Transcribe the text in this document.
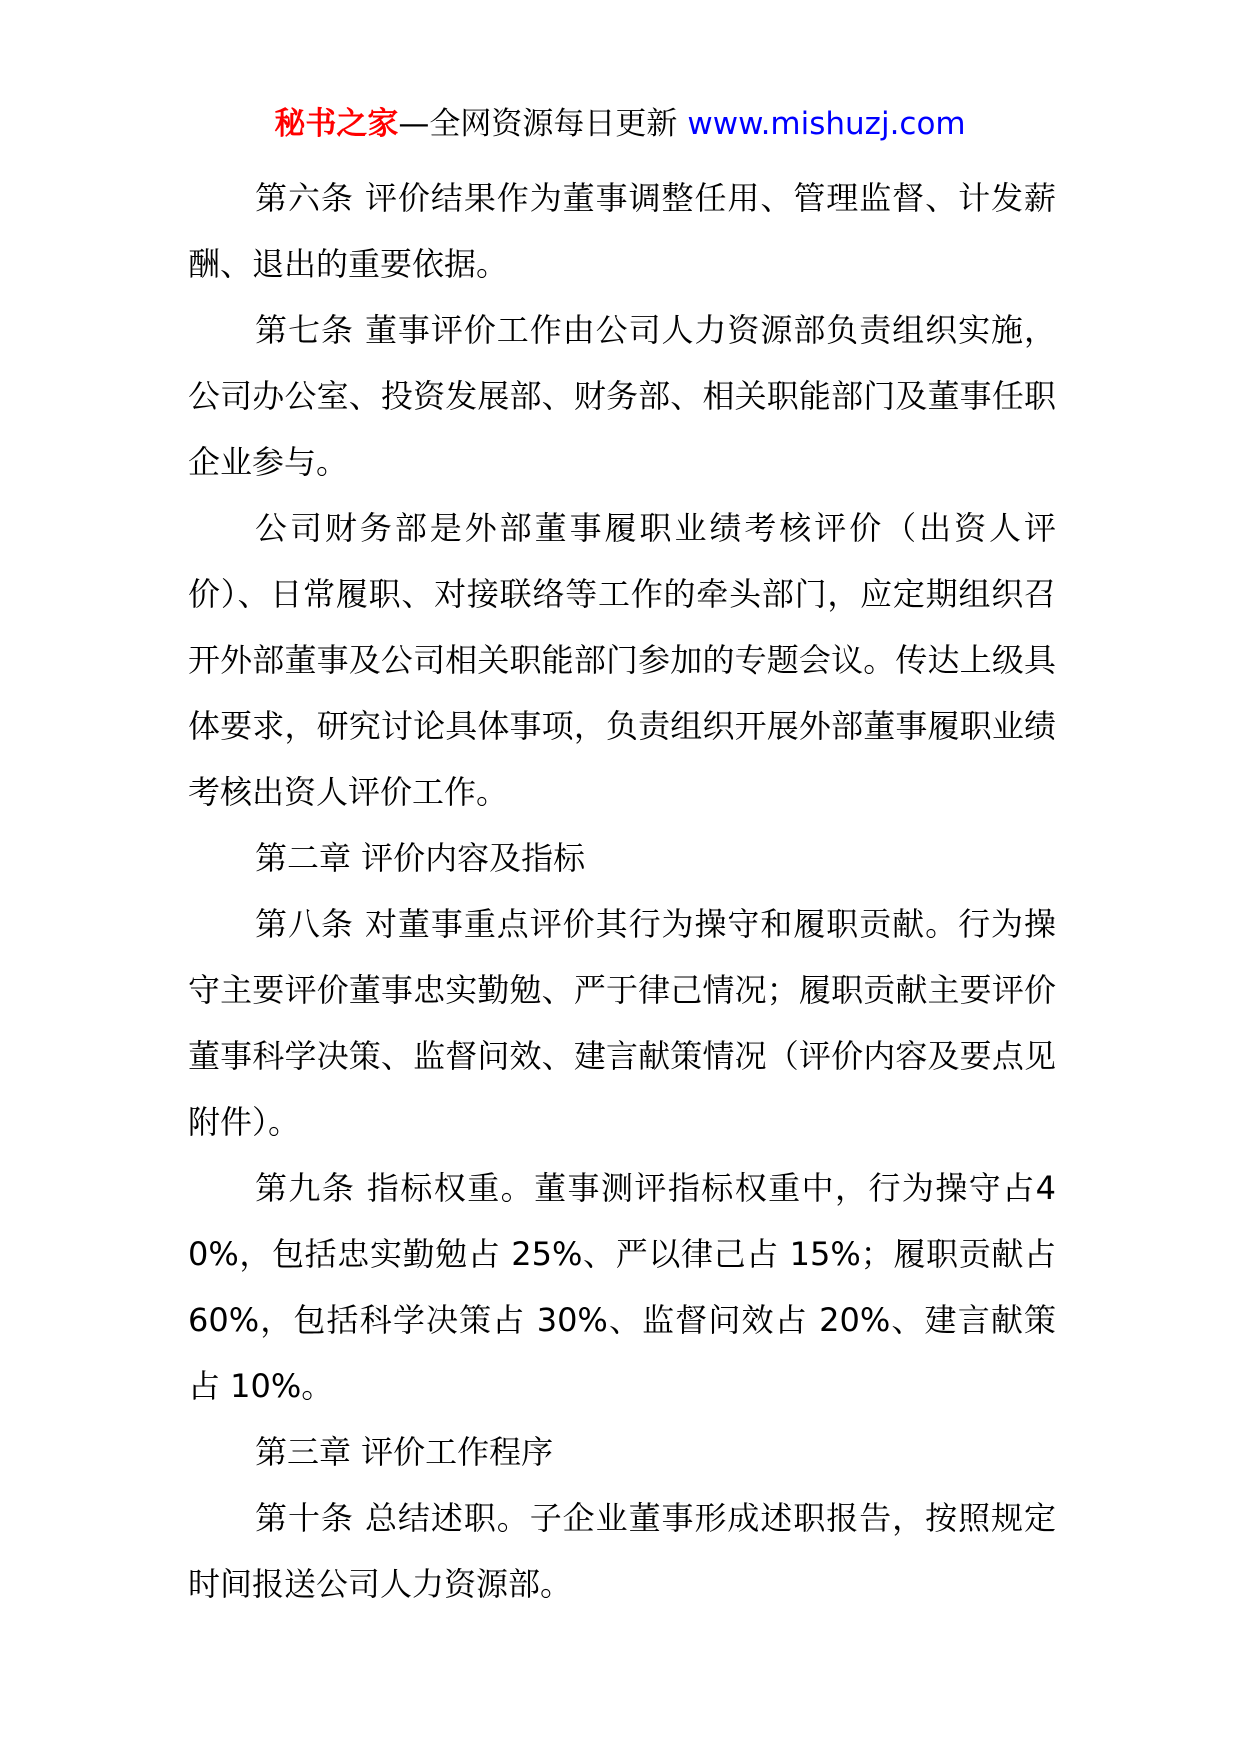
秘书之家—全网资源每日更新 www.mishuzj.com

第六条 评价结果作为董事调整任用、管理监督、计发薪酬、退出的重要依据。

第七条 董事评价工作由公司人力资源部负责组织实施，公司办公室、投资发展部、财务部、相关职能部门及董事任职企业参与。

公司财务部是外部董事履职业绩考核评价（出资人评价）、日常履职、对接联络等工作的牵头部门，应定期组织召开外部董事及公司相关职能部门参加的专题会议。传达上级具体要求，研究讨论具体事项，负责组织开展外部董事履职业绩考核出资人评价工作。

第二章 评价内容及指标

第八条 对董事重点评价其行为操守和履职贡献。行为操守主要评价董事忠实勤勉、严于律己情况；履职贡献主要评价董事科学决策、监督问效、建言献策情况（评价内容及要点见附件）。

第九条 指标权重。董事测评指标权重中，行为操守占40%，包括忠实勤勉占 25%、严以律己占 15%；履职贡献占 60%，包括科学决策占 30%、监督问效占 20%、建言献策占 10%。

第三章 评价工作程序

第十条 总结述职。子企业董事形成述职报告，按照规定时间报送公司人力资源部。
